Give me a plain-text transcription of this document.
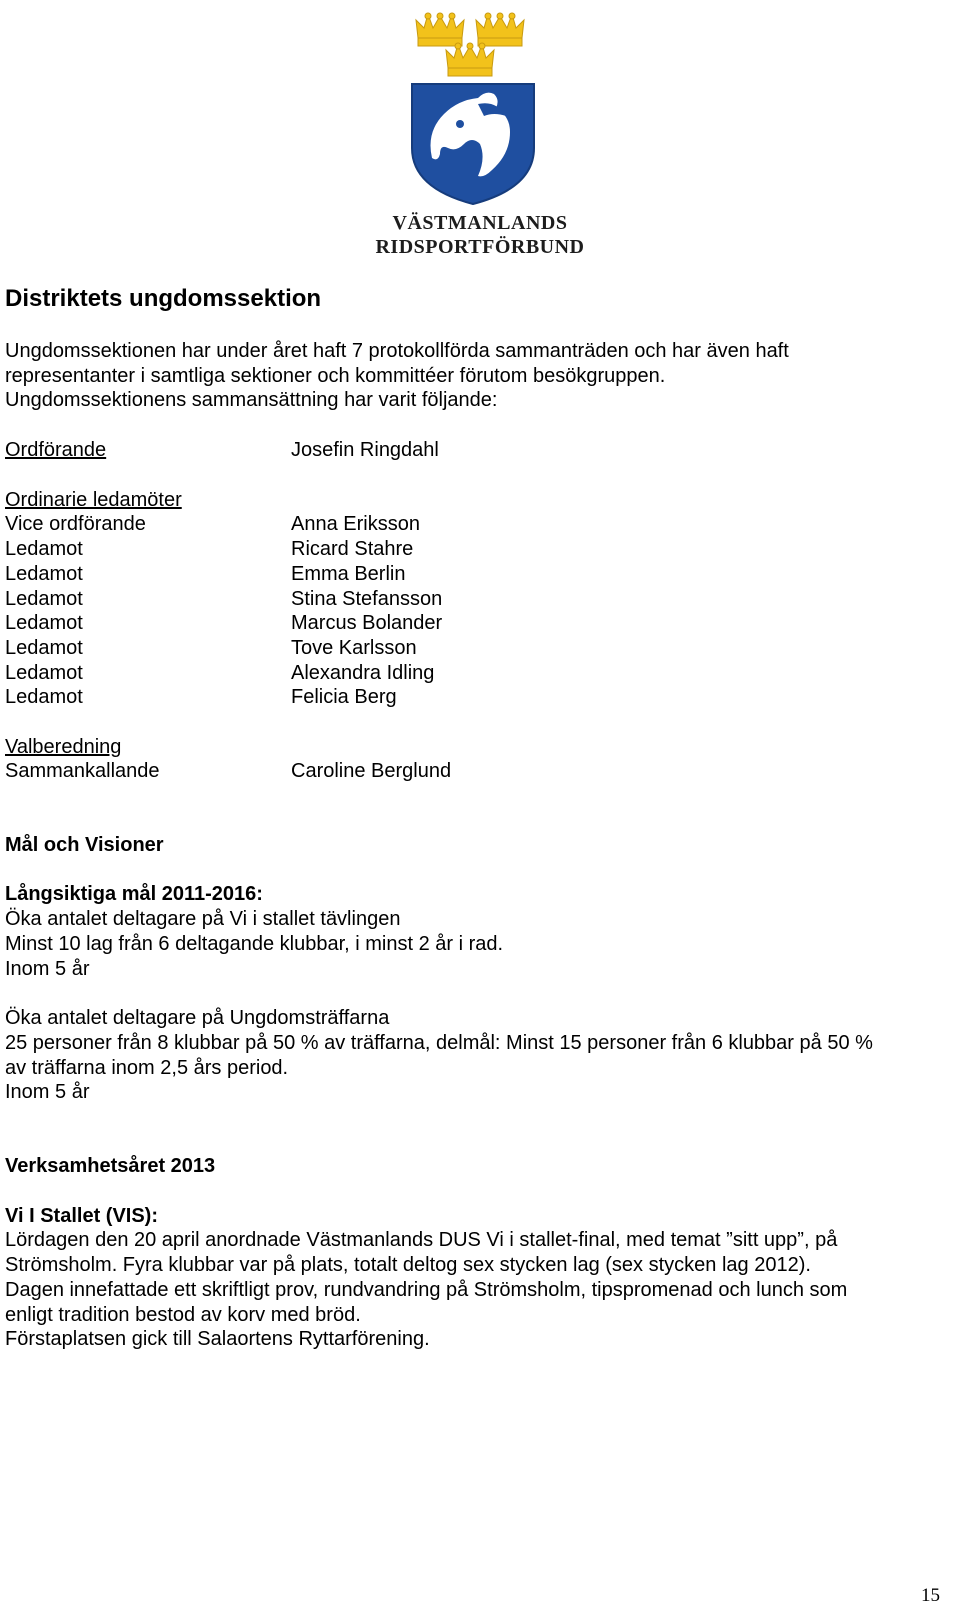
VÄSTMANLANDS
RIDSPORTFÖRBUND
Distriktets ungdomssektion
Ungdomssektionen har under året haft 7 protokollförda sammanträden och har även haft
representanter i samtliga sektioner och kommittéer förutom besökgruppen.
Ungdomssektionens sammansättning har varit följande:
Ordförande	Josefin Ringdahl
Ordinarie ledamöter
Vice ordförande	Anna Eriksson
Ledamot	Ricard Stahre
Ledamot	Emma Berlin
Ledamot	Stina Stefansson
Ledamot	Marcus Bolander
Ledamot	Tove Karlsson
Ledamot	Alexandra Idling
Ledamot	Felicia Berg
Valberedning
Sammankallande	Caroline Berglund
Mål och Visioner
Långsiktiga mål 2011-2016:
Öka antalet deltagare på Vi i stallet tävlingen
Minst 10 lag från 6 deltagande klubbar, i minst 2 år i rad.
Inom 5 år
Öka antalet deltagare på Ungdomsträffarna
25 personer från 8 klubbar på 50 % av träffarna, delmål: Minst 15 personer från 6 klubbar på 50 %
av träffarna inom 2,5 års period.
Inom 5 år
Verksamhetsåret 2013
Vi I Stallet (VIS):
Lördagen den 20 april anordnade Västmanlands DUS Vi i stallet-final, med temat ”sitt upp”, på
Strömsholm. Fyra klubbar var på plats, totalt deltog sex stycken lag (sex stycken lag 2012).
Dagen innefattade ett skriftligt prov, rundvandring på Strömsholm, tipspromenad och lunch som
enligt tradition bestod av korv med bröd.
Förstaplatsen gick till Salaortens Ryttarförening.
15
